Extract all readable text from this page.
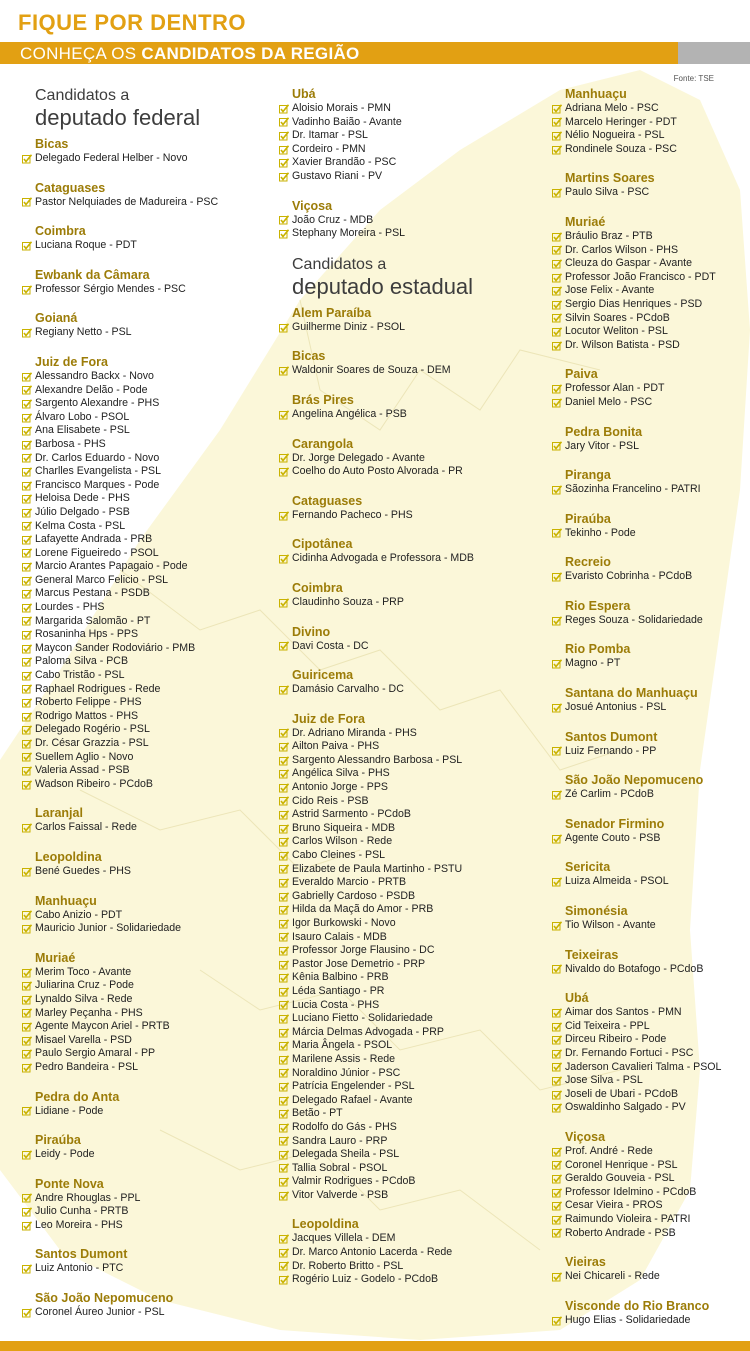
FIQUE POR DENTRO
CONHEÇA OS CANDIDATOS DA REGIÃO
Fonte: TSE
Candidatos a
deputado federal
Bicas
Delegado Federal Helber - Novo
Cataguases
Pastor Nelquiades de Madureira - PSC
Coimbra
Luciana Roque - PDT
Ewbank da Câmara
Professor Sérgio Mendes - PSC
Goianá
Regiany Netto - PSL
Juiz de Fora
Alessandro Backx - Novo
Alexandre Delão - Pode
Sargento Alexandre - PHS
Álvaro Lobo - PSOL
Ana Elisabete - PSL
Barbosa - PHS
Dr. Carlos Eduardo - Novo
Charlles Evangelista - PSL
Francisco Marques - Pode
Heloisa Dede - PHS
Júlio Delgado - PSB
Kelma Costa - PSL
Lafayette Andrada - PRB
Lorene Figueiredo - PSOL
Marcio Arantes Papagaio - Pode
General Marco Felicio - PSL
Marcus Pestana - PSDB
Lourdes - PHS
Margarida Salomão - PT
Rosaninha Hps - PPS
Maycon Sander Rodoviário - PMB
Paloma Silva - PCB
Cabo Tristão - PSL
Raphael Rodrigues - Rede
Roberto Felippe - PHS
Rodrigo Mattos - PHS
Delegado Rogério - PSL
Dr. César Grazzia - PSL
Suellem Aglio - Novo
Valeria Assad - PSB
Wadson Ribeiro - PCdoB
Laranjal
Carlos Faissal - Rede
Leopoldina
Bené Guedes - PHS
Manhuaçu
Cabo Anizio - PDT
Mauricio Junior - Solidariedade
Muriaé
Merim Toco - Avante
Juliarina Cruz - Pode
Lynaldo Silva - Rede
Marley Peçanha - PHS
Agente Maycon Ariel - PRTB
Misael Varella - PSD
Paulo Sergio Amaral - PP
Pedro Bandeira - PSL
Pedra do Anta
Lidiane - Pode
Piraúba
Leidy - Pode
Ponte Nova
Andre Rhouglas - PPL
Julio Cunha - PRTB
Leo Moreira - PHS
Santos Dumont
Luiz Antonio - PTC
São João Nepomuceno
Coronel Áureo Junior - PSL
Ubá
Aloisio Morais - PMN
Vadinho Baião - Avante
Dr. Itamar - PSL
Cordeiro - PMN
Xavier Brandão - PSC
Gustavo Riani - PV
Viçosa
João Cruz - MDB
Stephany Moreira - PSL
Candidatos a
deputado estadual
Alem Paraíba
Guilherme Diniz - PSOL
Bicas
Waldonir Soares de Souza - DEM
Brás Pires
Angelina Angélica - PSB
Carangola
Dr. Jorge Delegado - Avante
Coelho do Auto Posto Alvorada - PR
Cataguases
Fernando Pacheco - PHS
Cipotânea
Cidinha Advogada e Professora - MDB
Coimbra
Claudinho Souza - PRP
Divino
Davi Costa - DC
Guiricema
Damásio Carvalho - DC
Juiz de Fora
Dr. Adriano Miranda - PHS
Ailton Paiva - PHS
Sargento Alessandro Barbosa - PSL
Angélica Silva - PHS
Antonio Jorge - PPS
Cido Reis - PSB
Astrid Sarmento - PCdoB
Bruno Siqueira - MDB
Carlos Wilson - Rede
Cabo Cleines - PSL
Elizabete de Paula Martinho - PSTU
Everaldo Marcio - PRTB
Gabrielly Cardoso - PSDB
Hilda da Maçã do Amor - PRB
Igor Burkowski - Novo
Isauro Calais - MDB
Professor Jorge Flausino - DC
Pastor Jose Demetrio - PRP
Kênia Balbino - PRB
Léda Santiago - PR
Lucia Costa - PHS
Luciano Fietto - Solidariedade
Márcia Delmas Advogada - PRP
Maria Ângela - PSOL
Marilene Assis - Rede
Noraldino Júnior - PSC
Patrícia Engelender - PSL
Delegado Rafael - Avante
Betão - PT
Rodolfo do Gás - PHS
Sandra Lauro - PRP
Delegada Sheila - PSL
Tallia Sobral - PSOL
Valmir Rodrigues - PCdoB
Vitor Valverde - PSB
Leopoldina
Jacques Villela - DEM
Dr. Marco Antonio Lacerda - Rede
Dr. Roberto Britto - PSL
Rogério Luiz - Godelo - PCdoB
Manhuaçu
Adriana Melo - PSC
Marcelo Heringer - PDT
Nélio Nogueira - PSL
Rondinele Souza - PSC
Martins Soares
Paulo Silva - PSC
Muriaé
Bráulio Braz - PTB
Dr. Carlos Wilson - PHS
Cleuza do Gaspar - Avante
Professor João Francisco - PDT
Jose Felix - Avante
Sergio Dias Henriques - PSD
Silvin Soares - PCdoB
Locutor Weliton - PSL
Dr. Wilson Batista - PSD
Paiva
Professor Alan - PDT
Daniel Melo - PSC
Pedra Bonita
Jary Vitor - PSL
Piranga
Sãozinha Francelino - PATRI
Piraúba
Tekinho - Pode
Recreio
Evaristo Cobrinha - PCdoB
Rio Espera
Reges Souza - Solidariedade
Rio Pomba
Magno - PT
Santana do Manhuaçu
Josué Antonius - PSL
Santos Dumont
Luiz Fernando - PP
São João Nepomuceno
Zé Carlim - PCdoB
Senador Firmino
Agente Couto - PSB
Sericita
Luiza Almeida - PSOL
Simonésia
Tio Wilson - Avante
Teixeiras
Nivaldo do Botafogo - PCdoB
Ubá
Aimar dos Santos - PMN
Cid Teixeira - PPL
Dirceu Ribeiro - Pode
Dr. Fernando Fortuci - PSC
Jaderson Cavalieri Talma - PSOL
Jose Silva - PSL
Joseli de Ubari - PCdoB
Oswaldinho Salgado - PV
Viçosa
Prof. André - Rede
Coronel Henrique - PSL
Geraldo Gouveia - PSL
Professor Idelmino - PCdoB
Cesar Vieira - PROS
Raimundo Violeira - PATRI
Roberto Andrade - PSB
Vieiras
Nei Chicareli - Rede
Visconde do Rio Branco
Hugo Elias - Solidariedade
